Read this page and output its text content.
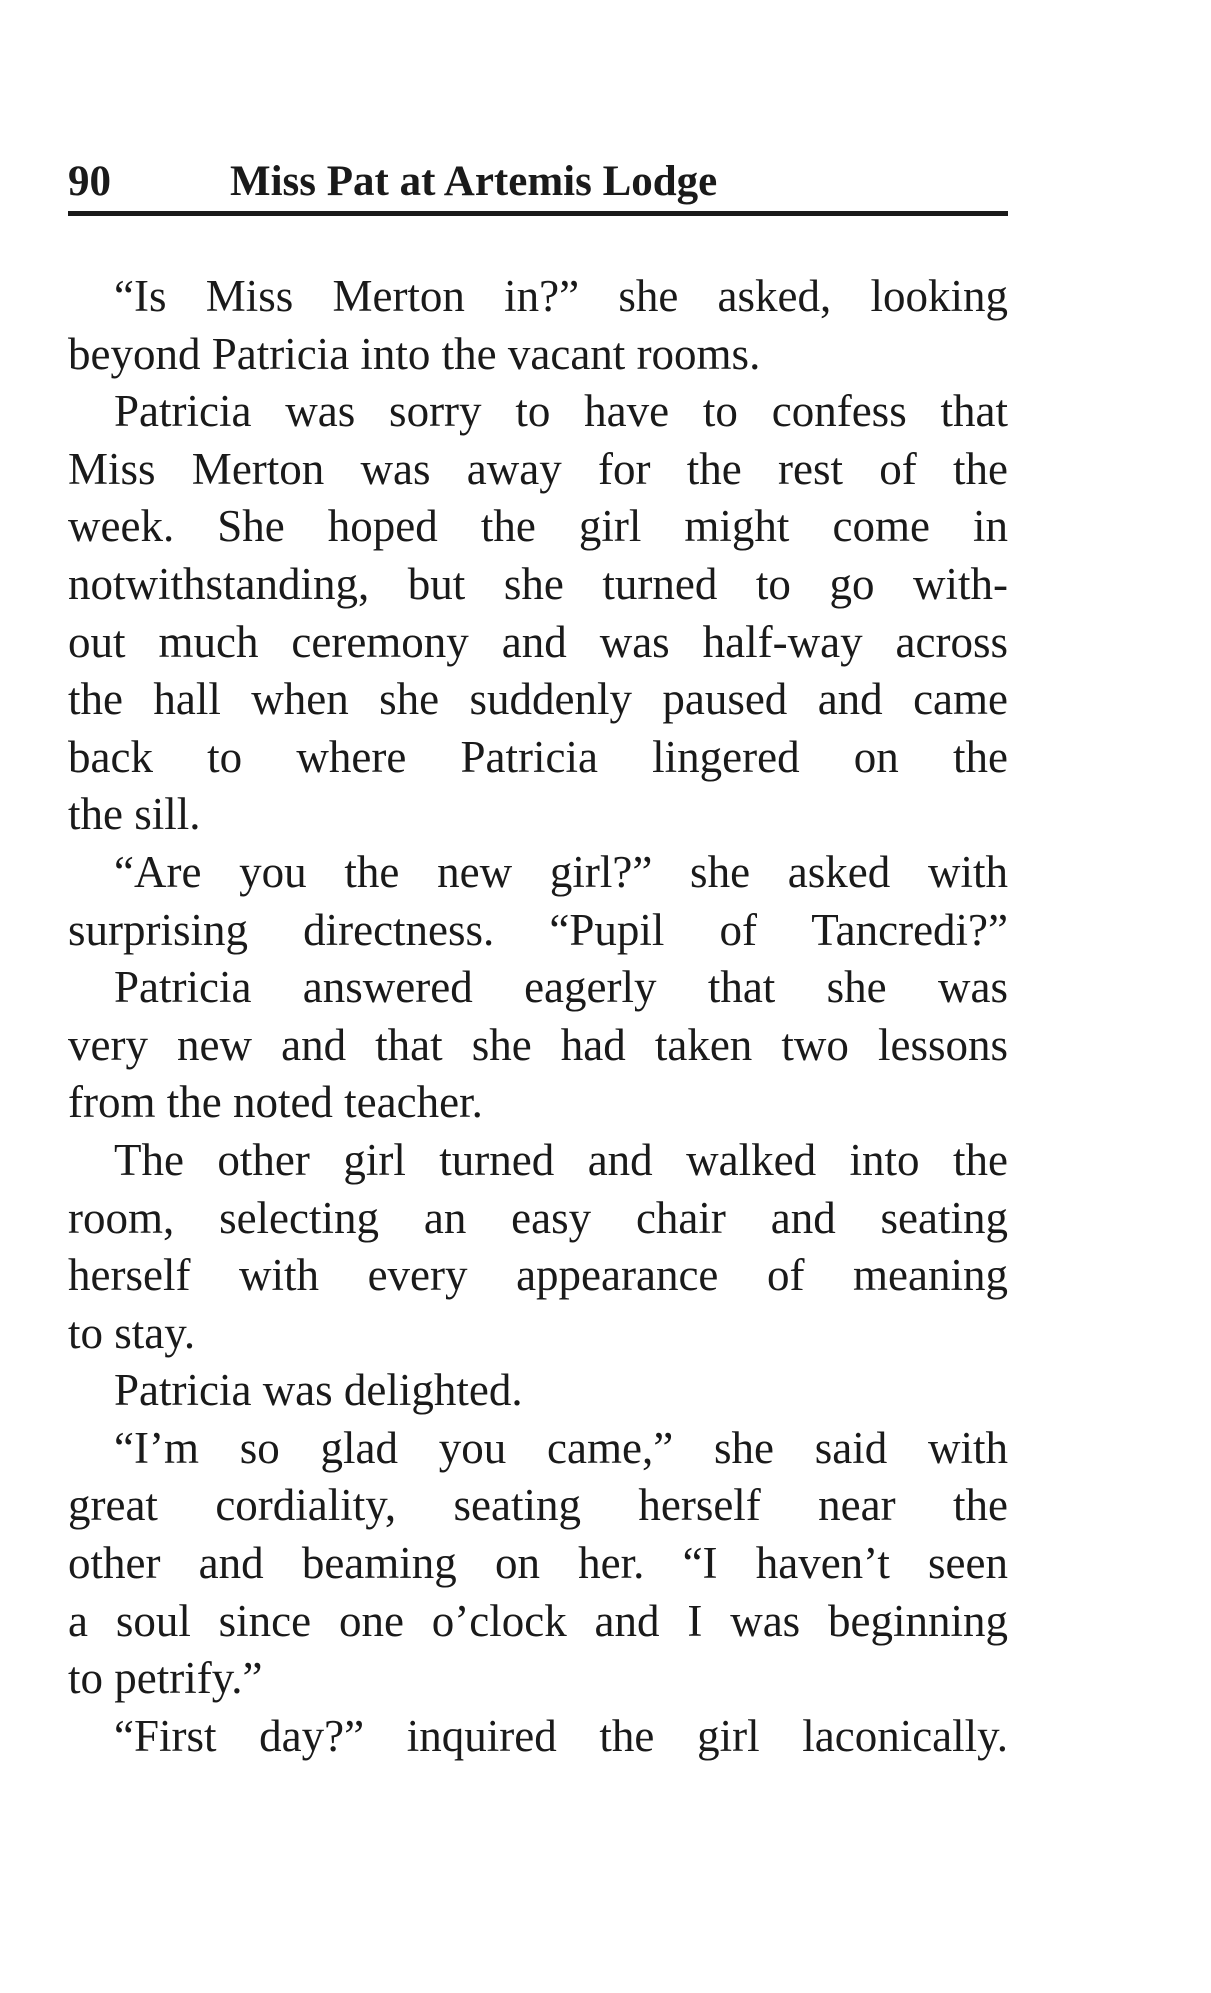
90	Miss Pat at Artemis Lodge
“Is Miss Merton in?” she asked, looking
beyond Patricia into the vacant rooms.
Patricia was sorry to have to confess that
Miss Merton was away for the rest of the
week. She hoped the girl might come in
notwithstanding, but she turned to go with-
out much ceremony and was half-way across
the hall when she suddenly paused and came
back to where Patricia lingered on the
the sill.
“Are you the new girl?” she asked with
surprising directness. “Pupil of Tancredi?”
Patricia answered eagerly that she was
very new and that she had taken two lessons
from the noted teacher.
The other girl turned and walked into the
room, selecting an easy chair and seating
herself with every appearance of meaning
to stay.
Patricia was delighted.
“I’m so glad you came,” she said with
great cordiality, seating herself near the
other and beaming on her. “I haven’t seen
a soul since one o’clock and I was beginning
to petrify.”
“First day?” inquired the girl laconically.
